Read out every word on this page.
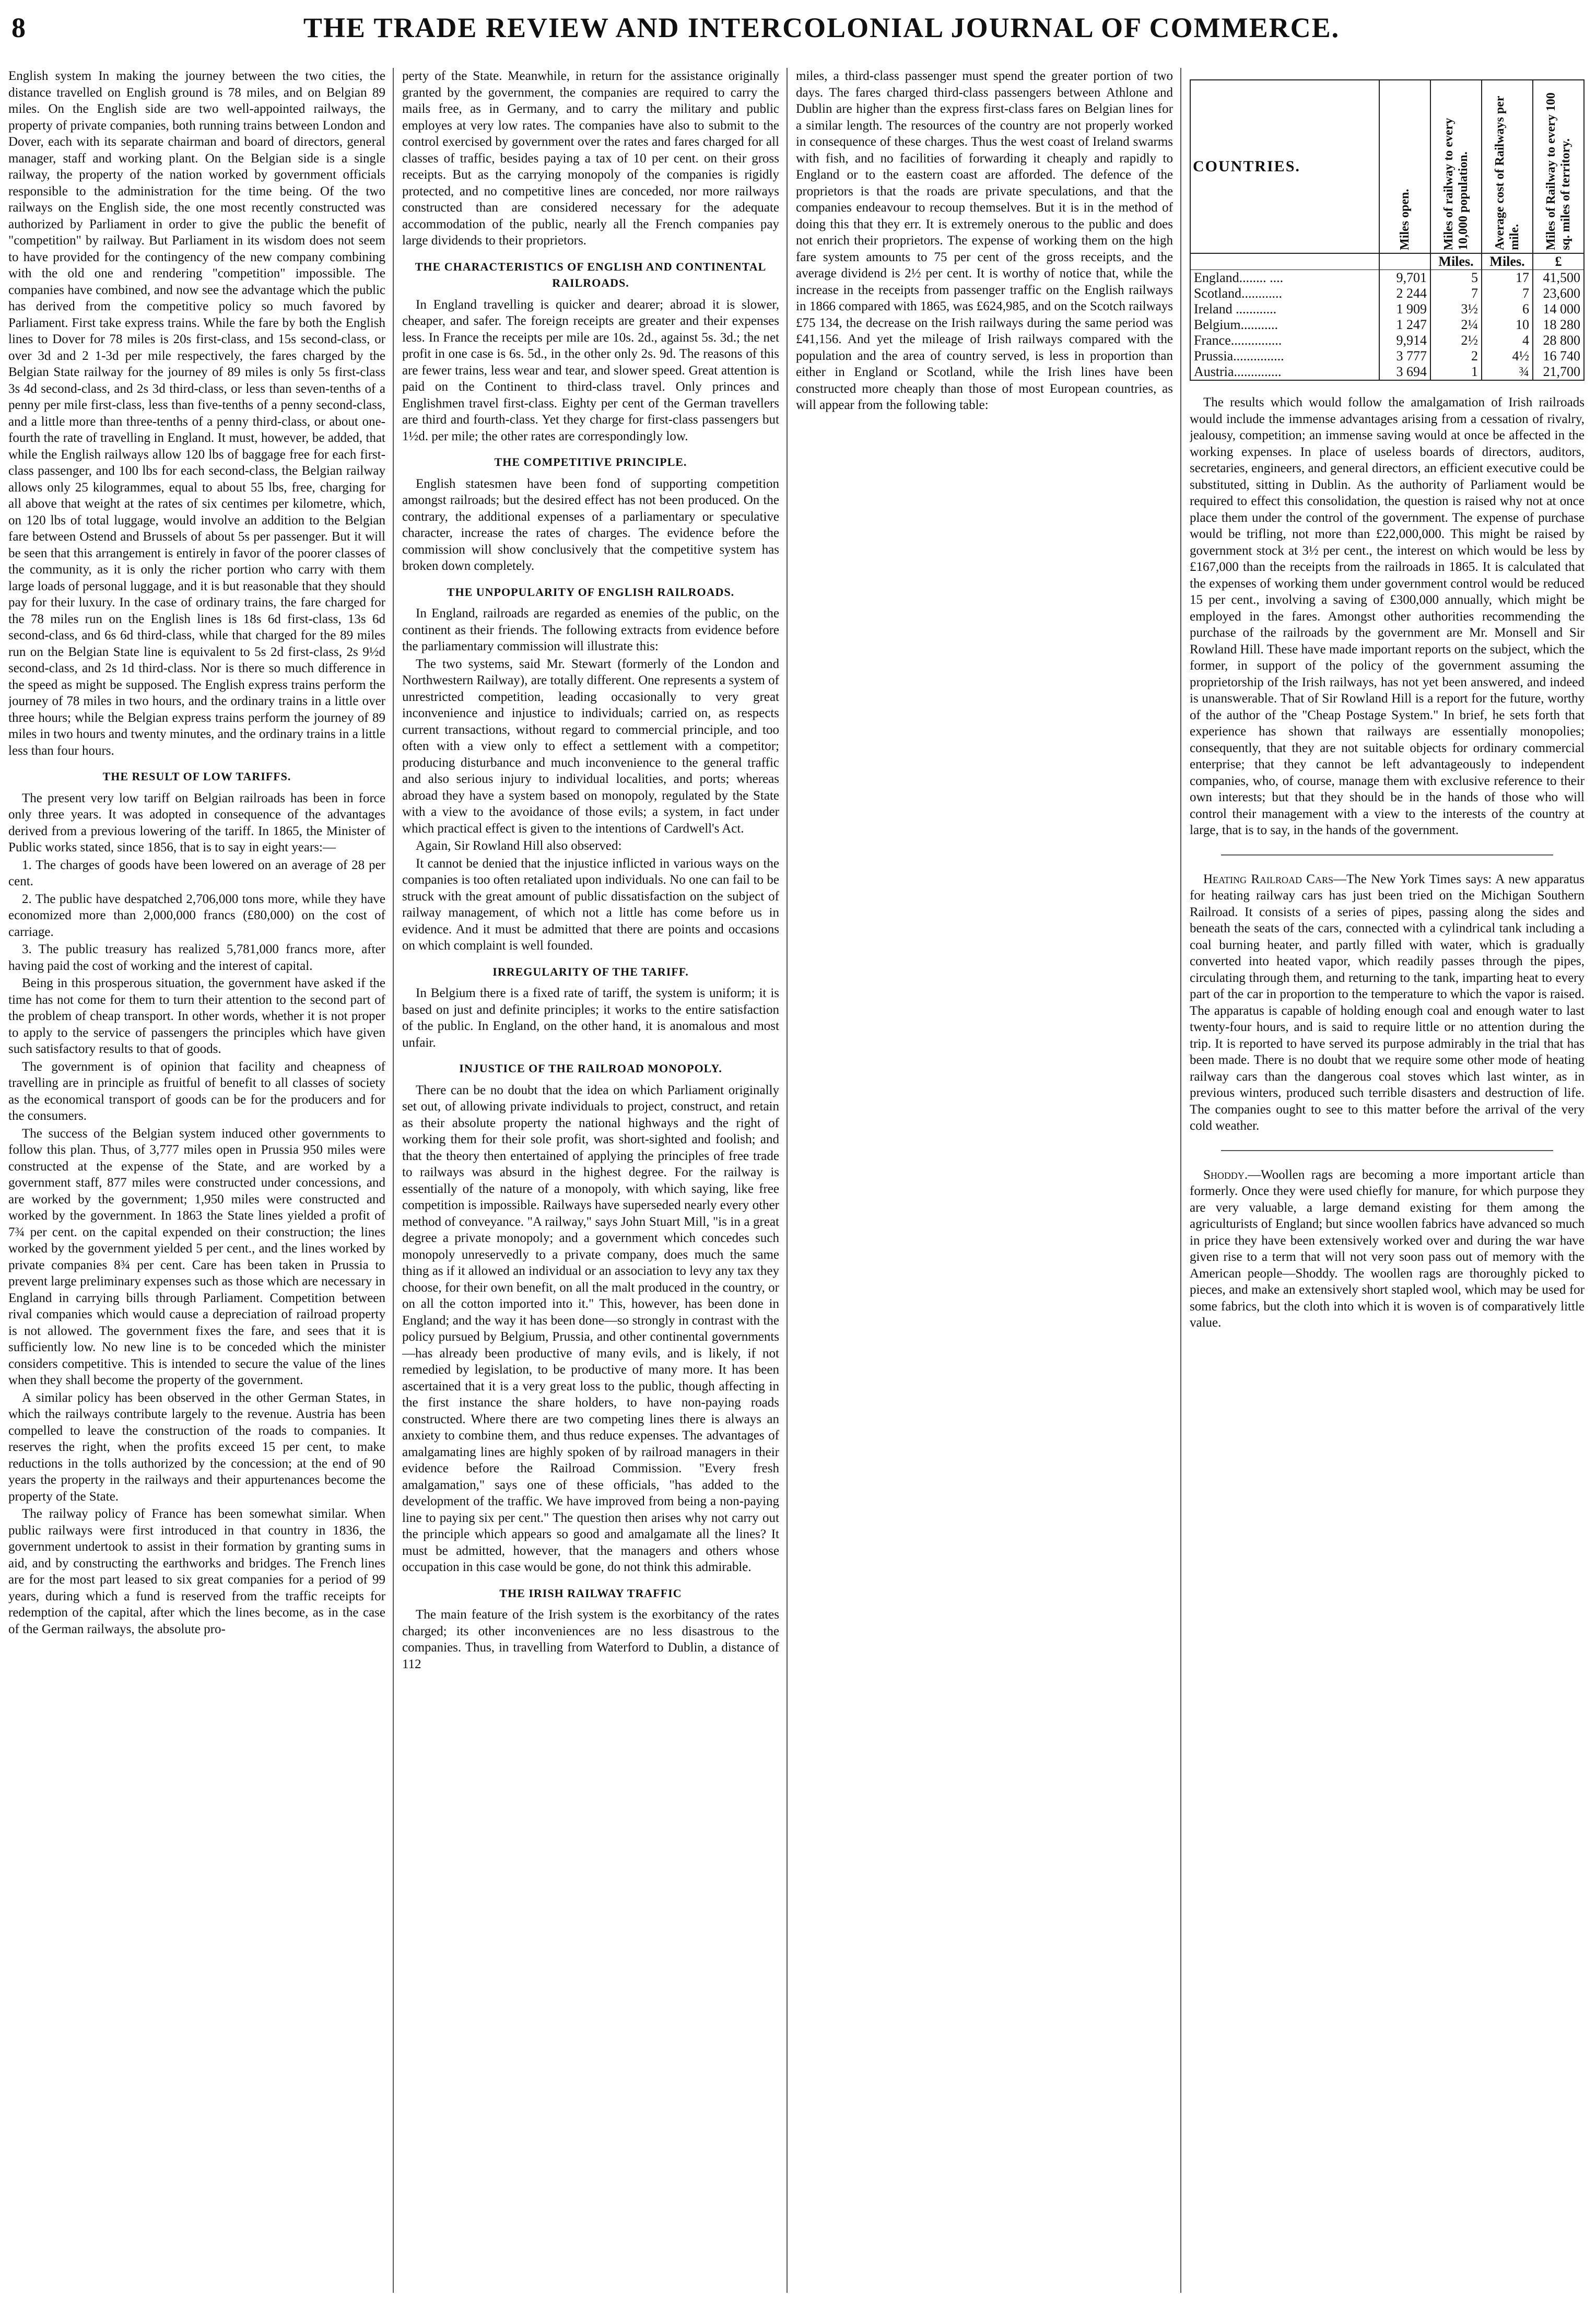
8	THE TRADE REVIEW AND INTERCOLONIAL JOURNAL OF COMMERCE.

English system In making the journey between the two cities, the distance travelled on English ground is 78 miles, and on Belgian 89 miles. On the English side are two well-appointed railways, the property of private companies, both running trains between London and Dover, each with its separate chairman and board of directors, general manager, staff and working plant. On the Belgian side is a single railway, the property of the nation worked by government officials responsible to the administration for the time being. Of the two railways on the English side, the one most recently constructed was authorized by Parliament in order to give the public the benefit of "competition" by railway. But Parliament in its wisdom does not seem to have provided for the contingency of the new company combining with the old one and rendering "competition" impossible. The companies have combined, and now see the advantage which the public has derived from the competitive policy so much favored by Parliament. First take express trains. While the fare by both the English lines to Dover for 78 miles is 20s first-class, and 15s second-class, or over 3d and 2 1-3d per mile respectively, the fares charged by the Belgian State railway for the journey of 89 miles is only 5s first-class 3s 4d second-class, and 2s 3d third-class, or less than seven-tenths of a penny per mile first-class, less than five-tenths of a penny second-class, and a little more than three-tenths of a penny third-class, or about one-fourth the rate of travelling in England. It must, however, be added, that while the English railways allow 120 lbs of baggage free for each first-class passenger, and 100 lbs for each second-class, the Belgian railway allows only 25 kilogrammes, equal to about 55 lbs, free, charging for all above that weight at the rates of six centimes per kilometre, which, on 120 lbs of total luggage, would involve an addition to the Belgian fare between Ostend and Brussels of about 5s per passenger. But it will be seen that this arrangement is entirely in favor of the poorer classes of the community, as it is only the richer portion who carry with them large loads of personal luggage, and it is but reasonable that they should pay for their luxury. In the case of ordinary trains, the fare charged for the 78 miles run on the English lines is 18s 6d first-class, 13s 6d second-class, and 6s 6d third-class, while that charged for the 89 miles run on the Belgian State line is equivalent to 5s 2d first-class, 2s 9½d second-class, and 2s 1d third-class. Nor is there so much difference in the speed as might be supposed. The English express trains perform the journey of 78 miles in two hours, and the ordinary trains in a little over three hours; while the Belgian express trains perform the journey of 89 miles in two hours and twenty minutes, and the ordinary trains in a little less than four hours.

THE RESULT OF LOW TARIFFS.

The present very low tariff on Belgian railroads has been in force only three years. It was adopted in consequence of the advantages derived from a previous lowering of the tariff. In 1865, the Minister of Public works stated, since 1856, that is to say in eight years:—

1. The charges of goods have been lowered on an average of 28 per cent.

2. The public have despatched 2,706,000 tons more, while they have economized more than 2,000,000 francs (£80,000) on the cost of carriage.

3. The public treasury has realized 5,781,000 francs more, after having paid the cost of working and the interest of capital.

Being in this prosperous situation, the government have asked if the time has not come for them to turn their attention to the second part of the problem of cheap transport. In other words, whether it is not proper to apply to the service of passengers the principles which have given such satisfactory results to that of goods.

The government is of opinion that facility and cheapness of travelling are in principle as fruitful of benefit to all classes of society as the economical transport of goods can be for the producers and for the consumers.

The success of the Belgian system induced other governments to follow this plan. Thus, of 3,777 miles open in Prussia 950 miles were constructed at the expense of the State, and are worked by a government staff, 877 miles were constructed under concessions, and are worked by the government; 1,950 miles were constructed and worked by the government. In 1863 the State lines yielded a profit of 7¾ per cent. on the capital expended on their construction; the lines worked by the government yielded 5 per cent., and the lines worked by private companies 8¾ per cent. Care has been taken in Prussia to prevent large preliminary expenses such as those which are necessary in England in carrying bills through Parliament. Competition between rival companies which would cause a depreciation of railroad property is not allowed. The government fixes the fare, and sees that it is sufficiently low. No new line is to be conceded which the minister considers competitive. This is intended to secure the value of the lines when they shall become the property of the government.

A similar policy has been observed in the other German States, in which the railways contribute largely to the revenue. Austria has been compelled to leave the construction of the roads to companies. It reserves the right, when the profits exceed 15 per cent, to make reductions in the tolls authorized by the concession; at the end of 90 years the property in the railways and their appurtenances become the property of the State.

The railway policy of France has been somewhat similar. When public railways were first introduced in that country in 1836, the government undertook to assist in their formation by granting sums in aid, and by constructing the earthworks and bridges. The French lines are for the most part leased to six great companies for a period of 99 years, during which a fund is reserved from the traffic receipts for redemption of the capital, after which the lines become, as in the case of the German railways, the absolute pro-

perty of the State. Meanwhile, in return for the assistance originally granted by the government, the companies are required to carry the mails free, as in Germany, and to carry the military and public employes at very low rates. The companies have also to submit to the control exercised by government over the rates and fares charged for all classes of traffic, besides paying a tax of 10 per cent. on their gross receipts. But as the carrying monopoly of the companies is rigidly protected, and no competitive lines are conceded, nor more railways constructed than are considered necessary for the adequate accommodation of the public, nearly all the French companies pay large dividends to their proprietors.

THE CHARACTERISTICS OF ENGLISH AND CONTINENTAL RAILROADS.

In England travelling is quicker and dearer; abroad it is slower, cheaper, and safer. The foreign receipts are greater and their expenses less. In France the receipts per mile are 10s. 2d., against 5s. 3d.; the net profit in one case is 6s. 5d., in the other only 2s. 9d. The reasons of this are fewer trains, less wear and tear, and slower speed. Great attention is paid on the Continent to third-class travel. Only princes and Englishmen travel first-class. Eighty per cent of the German travellers are third and fourth-class. Yet they charge for first-class passengers but 1½d. per mile; the other rates are correspondingly low.

THE COMPETITIVE PRINCIPLE.

English statesmen have been fond of supporting competition amongst railroads; but the desired effect has not been produced. On the contrary, the additional expenses of a parliamentary or speculative character, increase the rates of charges. The evidence before the commission will show conclusively that the competitive system has broken down completely.

THE UNPOPULARITY OF ENGLISH RAILROADS.

In England, railroads are regarded as enemies of the public, on the continent as their friends. The following extracts from evidence before the parliamentary commission will illustrate this:

The two systems, said Mr. Stewart (formerly of the London and Northwestern Railway), are totally different. One represents a system of unrestricted competition, leading occasionally to very great inconvenience and injustice to individuals; carried on, as respects current transactions, without regard to commercial principle, and too often with a view only to effect a settlement with a competitor; producing disturbance and much inconvenience to the general traffic and also serious injury to individual localities, and ports; whereas abroad they have a system based on monopoly, regulated by the State with a view to the avoidance of those evils; a system, in fact under which practical effect is given to the intentions of Cardwell's Act.

Again, Sir Rowland Hill also observed:

It cannot be denied that the injustice inflicted in various ways on the companies is too often retaliated upon individuals. No one can fail to be struck with the great amount of public dissatisfaction on the subject of railway management, of which not a little has come before us in evidence. And it must be admitted that there are points and occasions on which complaint is well founded.

IRREGULARITY OF THE TARIFF.

In Belgium there is a fixed rate of tariff, the system is uniform; it is based on just and definite principles; it works to the entire satisfaction of the public. In England, on the other hand, it is anomalous and most unfair.

INJUSTICE OF THE RAILROAD MONOPOLY.

There can be no doubt that the idea on which Parliament originally set out, of allowing private individuals to project, construct, and retain as their absolute property the national highways and the right of working them for their sole profit, was short-sighted and foolish; and that the theory then entertained of applying the principles of free trade to railways was absurd in the highest degree. For the railway is essentially of the nature of a monopoly, with which saying, like free competition is impossible. Railways have superseded nearly every other method of conveyance. "A railway," says John Stuart Mill, "is in a great degree a private monopoly; and a government which concedes such monopoly unreservedly to a private company, does much the same thing as if it allowed an individual or an association to levy any tax they choose, for their own benefit, on all the malt produced in the country, or on all the cotton imported into it." This, however, has been done in England; and the way it has been done—so strongly in contrast with the policy pursued by Belgium, Prussia, and other continental governments—has already been productive of many evils, and is likely, if not remedied by legislation, to be productive of many more. It has been ascertained that it is a very great loss to the public, though affecting in the first instance the share holders, to have non-paying roads constructed. Where there are two competing lines there is always an anxiety to combine them, and thus reduce expenses. The advantages of amalgamating lines are highly spoken of by railroad managers in their evidence before the Railroad Commission. "Every fresh amalgamation," says one of these officials, "has added to the development of the traffic. We have improved from being a non-paying line to paying six per cent." The question then arises why not carry out the principle which appears so good and amalgamate all the lines? It must be admitted, however, that the managers and others whose occupation in this case would be gone, do not think this admirable.

THE IRISH RAILWAY TRAFFIC

The main feature of the Irish system is the exorbitancy of the rates charged; its other inconveniences are no less disastrous to the companies. Thus, in travelling from Waterford to Dublin, a distance of 112

miles, a third-class passenger must spend the greater portion of two days. The fares charged third-class passengers between Athlone and Dublin are higher than the express first-class fares on Belgian lines for a similar length. The resources of the country are not properly worked in consequence of these charges. Thus the west coast of Ireland swarms with fish, and no facilities of forwarding it cheaply and rapidly to England or to the eastern coast are afforded. The defence of the proprietors is that the roads are private speculations, and that the companies endeavour to recoup themselves. But it is in the method of doing this that they err. It is extremely onerous to the public and does not enrich their proprietors. The expense of working them on the high fare system amounts to 75 per cent of the gross receipts, and the average dividend is 2½ per cent. It is worthy of notice that, while the increase in the receipts from passenger traffic on the English railways in 1866 compared with 1865, was £624,985, and on the Scotch railways £75 134, the decrease on the Irish railways during the same period was £41,156. And yet the mileage of Irish railways compared with the population and the area of country served, is less in proportion than either in England or Scotland, while the Irish lines have been constructed more cheaply than those of most European countries, as will appear from the following table:

COUNTRIES.	Miles open.	Miles of railway to every 10,000 population.	Average cost of Railways per mile.	Miles of Railway to every 100 sq. miles of territory.

		Miles.	Miles.	£
England........ ....	9,701	5	17	41,500
Scotland............	2 244	7	7	23,600
Ireland ............	1 909	3½	6	14 000
Belgium...........	1 247	2¼	10	18 280
France...............	9,914	2½	4	28 800
Prussia...............	3 777	2	4½	16 740
Austria..............	3 694	1	¾	21,700

The results which would follow the amalgamation of Irish railroads would include the immense advantages arising from a cessation of rivalry, jealousy, competition; an immense saving would at once be affected in the working expenses. In place of useless boards of directors, auditors, secretaries, engineers, and general directors, an efficient executive could be substituted, sitting in Dublin. As the authority of Parliament would be required to effect this consolidation, the question is raised why not at once place them under the control of the government. The expense of purchase would be trifling, not more than £22,000,000. This might be raised by government stock at 3½ per cent., the interest on which would be less by £167,000 than the receipts from the railroads in 1865. It is calculated that the expenses of working them under government control would be reduced 15 per cent., involving a saving of £300,000 annually, which might be employed in the fares. Amongst other authorities recommending the purchase of the railroads by the government are Mr. Monsell and Sir Rowland Hill. These have made important reports on the subject, which the former, in support of the policy of the government assuming the proprietorship of the Irish railways, has not yet been answered, and indeed is unanswerable. That of Sir Rowland Hill is a report for the future, worthy of the author of the "Cheap Postage System." In brief, he sets forth that experience has shown that railways are essentially monopolies; consequently, that they are not suitable objects for ordinary commercial enterprise; that they cannot be left advantageously to independent companies, who, of course, manage them with exclusive reference to their own interests; but that they should be in the hands of those who will control their management with a view to the interests of the country at large, that is to say, in the hands of the government.

Heating Railroad Cars—The New York Times says: A new apparatus for heating railway cars has just been tried on the Michigan Southern Railroad. It consists of a series of pipes, passing along the sides and beneath the seats of the cars, connected with a cylindrical tank including a coal burning heater, and partly filled with water, which is gradually converted into heated vapor, which readily passes through the pipes, circulating through them, and returning to the tank, imparting heat to every part of the car in proportion to the temperature to which the vapor is raised. The apparatus is capable of holding enough coal and enough water to last twenty-four hours, and is said to require little or no attention during the trip. It is reported to have served its purpose admirably in the trial that has been made. There is no doubt that we require some other mode of heating railway cars than the dangerous coal stoves which last winter, as in previous winters, produced such terrible disasters and destruction of life. The companies ought to see to this matter before the arrival of the very cold weather.

Shoddy.—Woollen rags are becoming a more important article than formerly. Once they were used chiefly for manure, for which purpose they are very valuable, a large demand existing for them among the agriculturists of England; but since woollen fabrics have advanced so much in price they have been extensively worked over and during the war have given rise to a term that will not very soon pass out of memory with the American people—Shoddy. The woollen rags are thoroughly picked to pieces, and make an extensively short stapled wool, which may be used for some fabrics, but the cloth into which it is woven is of comparatively little value.
